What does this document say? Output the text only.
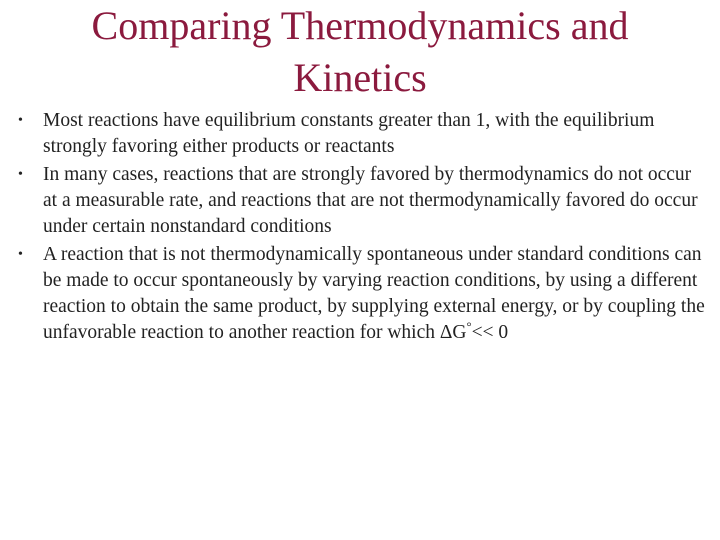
Comparing Thermodynamics and Kinetics
•	Most reactions have equilibrium constants greater than 1, with the equilibrium strongly favoring either products or reactants
•	In many cases, reactions that are strongly favored by thermodynamics do not occur at a measurable rate, and reactions that are not thermodynamically favored do occur under certain nonstandard conditions
•	A reaction that is not thermodynamically spontaneous under standard conditions can be made to occur spontaneously by varying reaction conditions, by using a different reaction to obtain the same product, by supplying external energy, or by coupling the unfavorable reaction to another reaction for which ΔG°<< 0
